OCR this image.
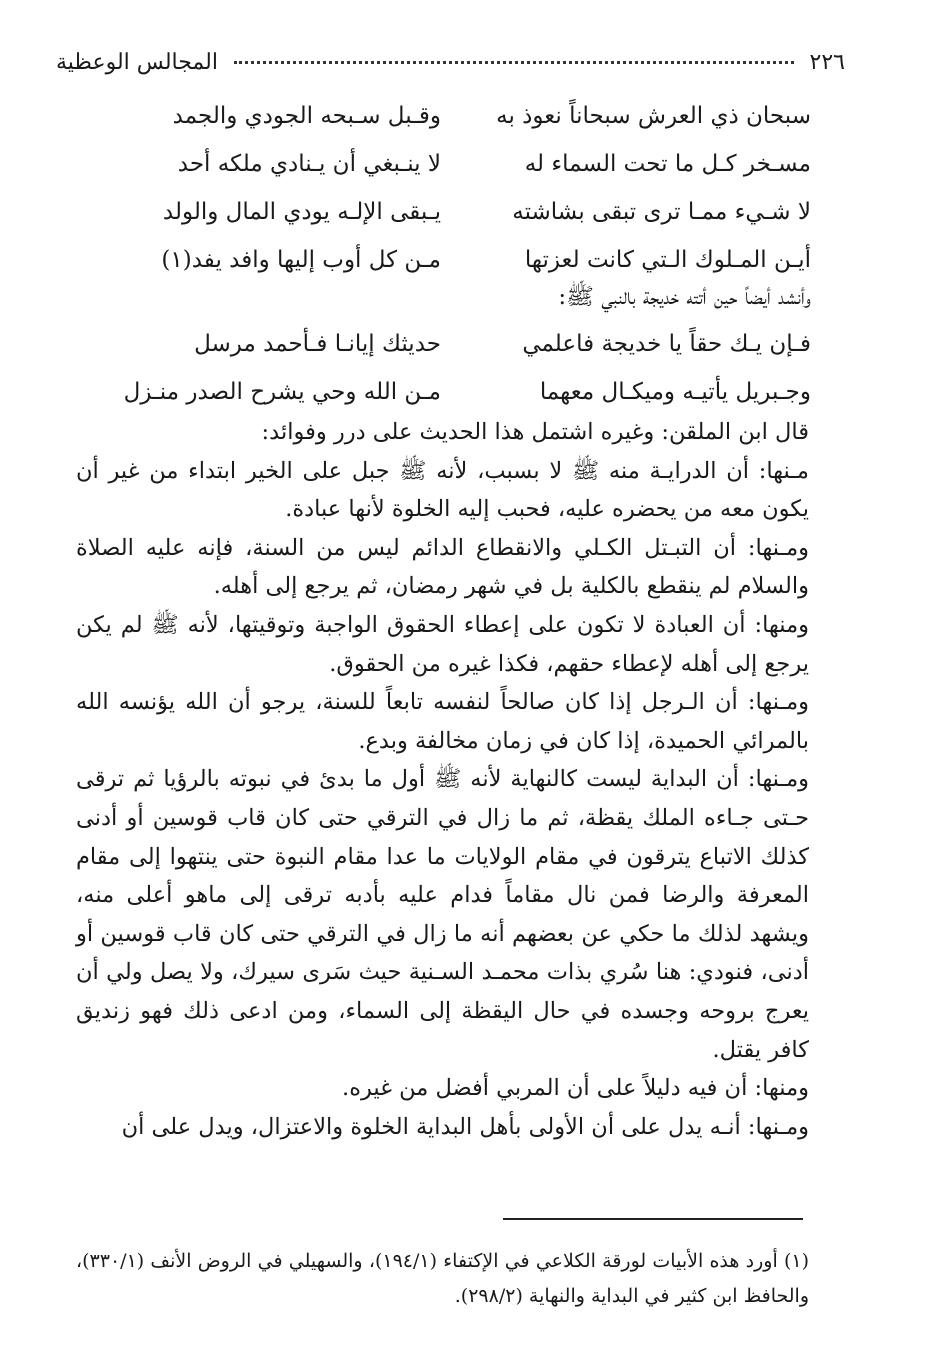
٢٢٦
المجالس الوعظية
سبحان ذي العرش سبحاناً نعوذ به
وقـبل سـبحه الجودي والجمد
مسـخر كـل ما تحت السماء له
لا ينـبغي أن يـنادي ملكه أحد
لا شـيء ممـا ترى تبقى بشاشته
يـبقى الإلـه يودي المال والولد
أيـن المـلوك الـتي كانت لعزتها
مـن كل أوب إليها وافد يفد(١)
وأنشد أيضاً حين أتته خديجة بالنبي ﷺ:
فـإن يـك حقاً يا خديجة فاعلمي
حديثك إيانـا فـأحمد مرسل
وجـبريل يأتيـه وميكـال معهما
مـن الله وحي يشرح الصدر منـزل

قال ابن الملقن: وغيره اشتمل هذا الحديث على درر وفوائد:

مـنها: أن الدرايـة منه ﷺ لا بسبب، لأنه ﷺ جبل على الخير ابتداء من غير أن يكون معه من يحضره عليه، فحبب إليه الخلوة لأنها عبادة.

ومـنها: أن التبـتل الكـلي والانقطاع الدائم ليس من السنة، فإنه عليه الصلاة والسلام لم ينقطع بالكلية بل في شهر رمضان، ثم يرجع إلى أهله.

ومنها: أن العبادة لا تكون على إعطاء الحقوق الواجبة وتوقيتها، لأنه ﷺ لم يكن يرجع إلى أهله لإعطاء حقهم، فكذا غيره من الحقوق.

ومـنها: أن الـرجل إذا كان صالحاً لنفسه تابعاً للسنة، يرجو أن الله يؤنسه الله بالمرائي الحميدة، إذا كان في زمان مخالفة وبدع.

ومـنها: أن البداية ليست كالنهاية لأنه ﷺ أول ما بدئ في نبوته بالرؤيا ثم ترقى حـتى جـاءه الملك يقظة، ثم ما زال في الترقي حتى كان قاب قوسين أو أدنى كذلك الاتباع يترقون في مقام الولايات ما عدا مقام النبوة حتى ينتهوا إلى مقام المعرفة والرضا فمن نال مقاماً فدام عليه بأدبه ترقى إلى ماهو أعلى منه، ويشهد لذلك ما حكي عن بعضهم أنه ما زال في الترقي حتى كان قاب قوسين أو أدنى، فنودي: هنا سُري بذات محمـد السـنية حيث سَرى سيرك، ولا يصل ولي أن يعرج بروحه وجسده في حال اليقظة إلى السماء، ومن ادعى ذلك فهو زنديق كافر يقتل.

ومنها: أن فيه دليلاً على أن المربي أفضل من غيره.

ومـنها: أنـه يدل على أن الأولى بأهل البداية الخلوة والاعتزال، ويدل على أن

(١) أورد هذه الأبيات لورقة الكلاعي في الإكتفاء (١٩٤/١)، والسهيلي في الروض الأنف (٣٣٠/١)، والحافظ ابن كثير في البداية والنهاية (٢٩٨/٢).
